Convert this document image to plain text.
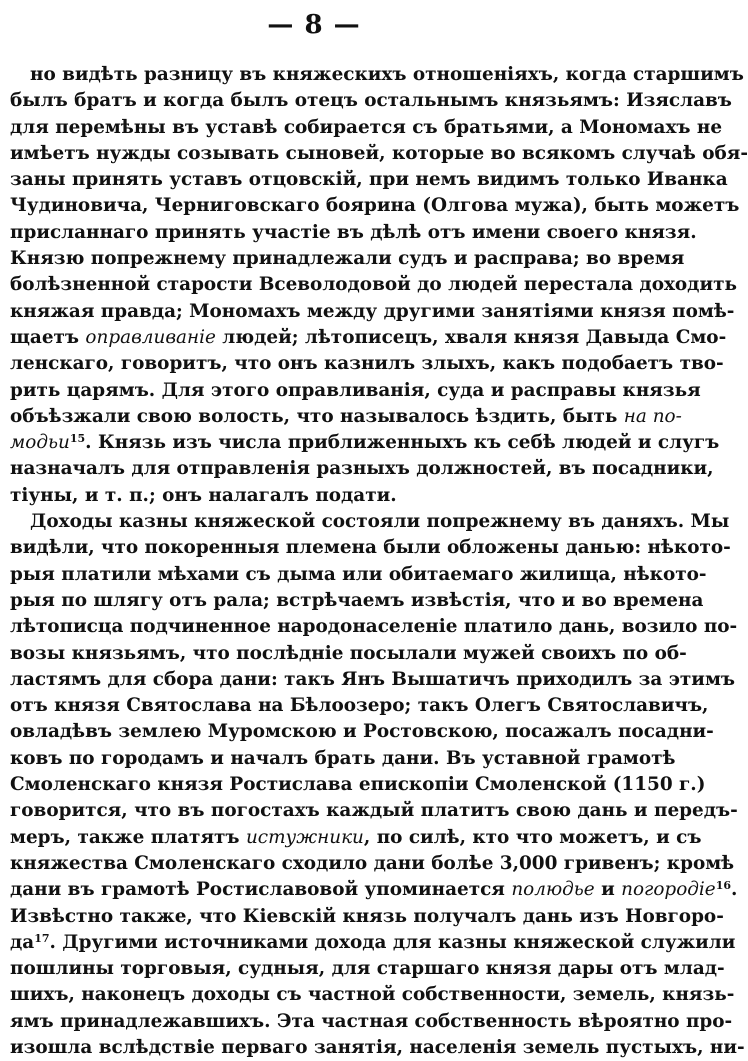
— 8 —
но видѣть разницу въ княжескихъ отношеніяхъ, когда старшимъ
былъ братъ и когда былъ отецъ остальнымъ князьямъ: Изяславъ
для перемѣны въ уставѣ собирается съ братьями, а Мономахъ не
имѣетъ нужды созывать сыновей, которые во всякомъ случаѣ обя-
заны принять уставъ отцовскій, при немъ видимъ только Иванка
Чудиновича, Черниговскаго боярина (Олгова мужа), быть можетъ
присланнаго принять участіе въ дѣлѣ отъ имени своего князя.
Князю попрежнему принадлежали судъ и расправа; во время
болѣзненной старости Всеволодовой до людей перестала доходить
княжая правда; Мономахъ между другими занятіями князя помѣ-
щаетъ оправливаніе людей; лѣтописецъ, хваля князя Давыда Смо-
ленскаго, говоритъ, что онъ казнилъ злыхъ, какъ подобаетъ твo-
рить царямъ. Для этого оправливанія, суда и расправы князья
объѣзжали свою волость, что называлось ѣздить, быть на по-
модьи$^{15}$. Князь изъ числа приближенныхъ къ себѣ людей и слугъ
назначалъ для отправленія разныхъ должностей, въ посадники,
тіуны, и т. п.; онъ налагалъ подати.
Доходы казны княжеской состояли попрежнему въ даняхъ. Мы
видѣли, что покоренныя племена были обложены данью: нѣкото-
рыя платили мѣхами съ дыма или обитаемаго жилища, нѣкото-
рыя по шлягу отъ рала; встрѣчаемъ извѣстія, что и во времена
лѣтописца подчиненное народонаселеніе платило дань, возило по-
возы князьямъ, что послѣдніе посылали мужей своихъ по об-
ластямъ для сбора дани: такъ Янъ Вышатичъ приходилъ за этимъ
отъ князя Святослава на Бѣлоозеро; такъ Олегъ Святославичъ,
овладѣвъ землею Муромскою и Ростовскою, посажалъ посадни-
ковъ по городамъ и началъ брать дани. Въ уставной грамотѣ
Смоленскаго князя Ростислава епископіи Смоленской (1150 г.)
говорится, что въ погостахъ каждый платитъ свою дань и передъ-
меръ, также платятъ истужники, по силѣ, кто что можетъ, и съ
княжества Смоленскаго сходило дани болѣе 3,000 гривенъ; кромѣ
дани въ грамотѣ Ростиславовой упоминается полюдье и погородіе$^{16}$.
Извѣстно также, что Кіевскій князь получалъ дань изъ Новгоро-
$да^{17}$. Другими источниками дохода для казны княжеской служили
пошлины торговыя, судныя, для старшаго князя дары отъ млад-
шихъ, наконецъ доходы съ частной собственности, земель, князь-
ямъ принадлежавшихъ. Эта частная собственность вѣроятно про-
изошла вслѣдствіе перваго занятія, населенія земель пустыхъ, ни-
